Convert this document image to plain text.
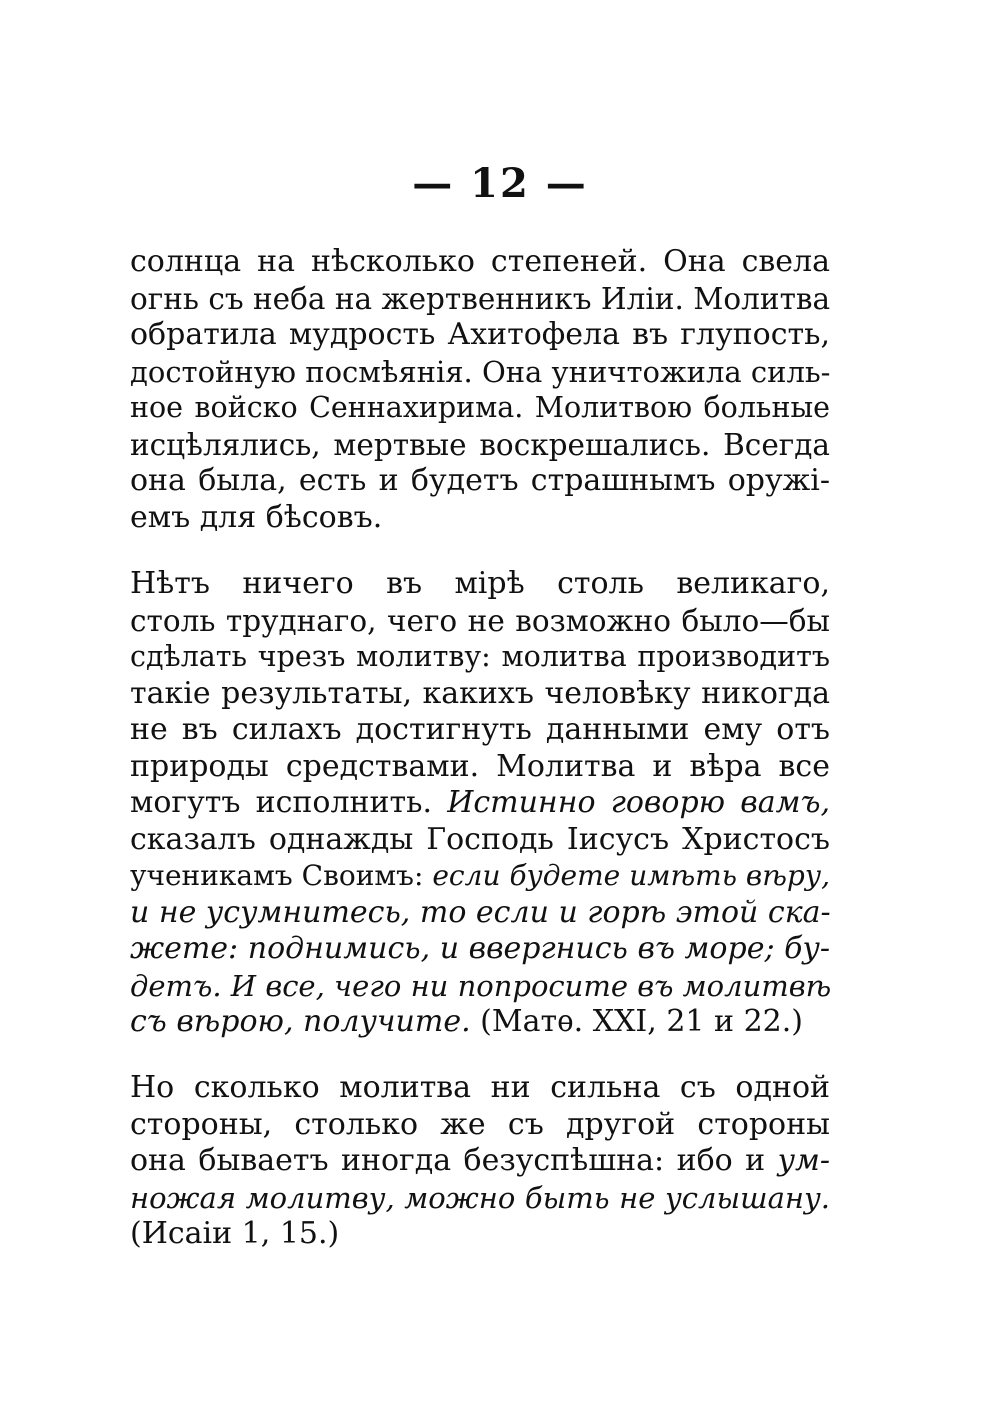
— 12 —
солнца на нѣсколько степеней. Она свела
огнь съ неба на жертвенникъ Иліи. Молитва
обратила мудрость Ахитофела въ глупость,
достойную посмѣянія. Она уничтожила силь-
ное войско Сеннахирима. Молитвою больные
исцѣлялись, мертвые воскрешались. Всегда
она была, есть и будетъ страшнымъ оружі-
емъ для бѣсовъ.
Нѣтъ ничего въ мірѣ столь великаго,
столь труднаго, чего не возможно было—бы
сдѣлать чрезъ молитву: молитва производитъ
такіе результаты, какихъ человѣку никогда
не въ силахъ достигнуть данными ему отъ
природы средствами. Молитва и вѣра все
могутъ исполнить. Истинно говорю вамъ,
сказалъ однажды Господь Іисусъ Христосъ
ученикамъ Своимъ: если будете имѣть вѣру,
и не усумнитесь, то если и горѣ этой ска-
жете: поднимись, и ввергнись въ море; бу-
детъ. И все, чего ни попросите въ молитвѣ
съ вѣрою, получите. (Матѳ. XXI, 21 и 22.)
Но сколько молитва ни сильна съ одной
стороны, столько же съ другой стороны
она бываетъ иногда безуспѣшна: ибо и ум-
ножая молитву, можно быть не услышану.
(Исаіи 1, 15.)
